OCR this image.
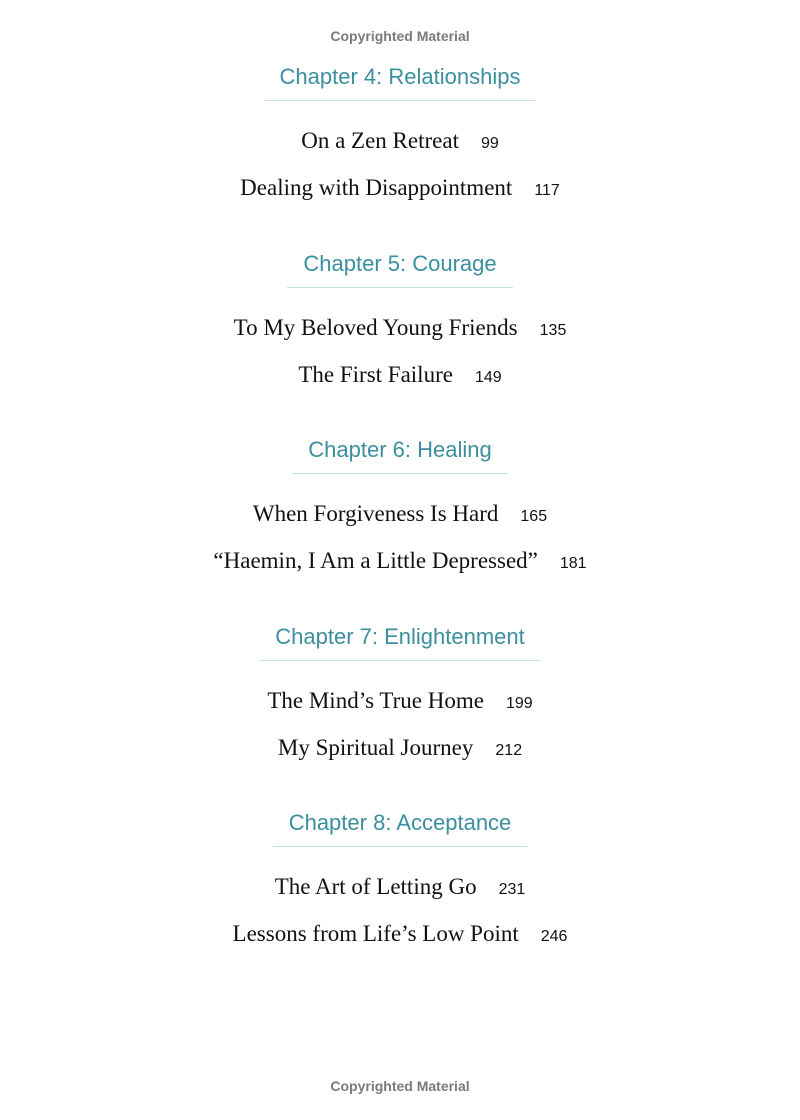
Copyrighted Material
Chapter 4: Relationships
On a Zen Retreat 99
Dealing with Disappointment 117
Chapter 5: Courage
To My Beloved Young Friends 135
The First Failure 149
Chapter 6: Healing
When Forgiveness Is Hard 165
“Haemin, I Am a Little Depressed” 181
Chapter 7: Enlightenment
The Mind’s True Home 199
My Spiritual Journey 212
Chapter 8: Acceptance
The Art of Letting Go 231
Lessons from Life’s Low Point 246
Copyrighted Material
